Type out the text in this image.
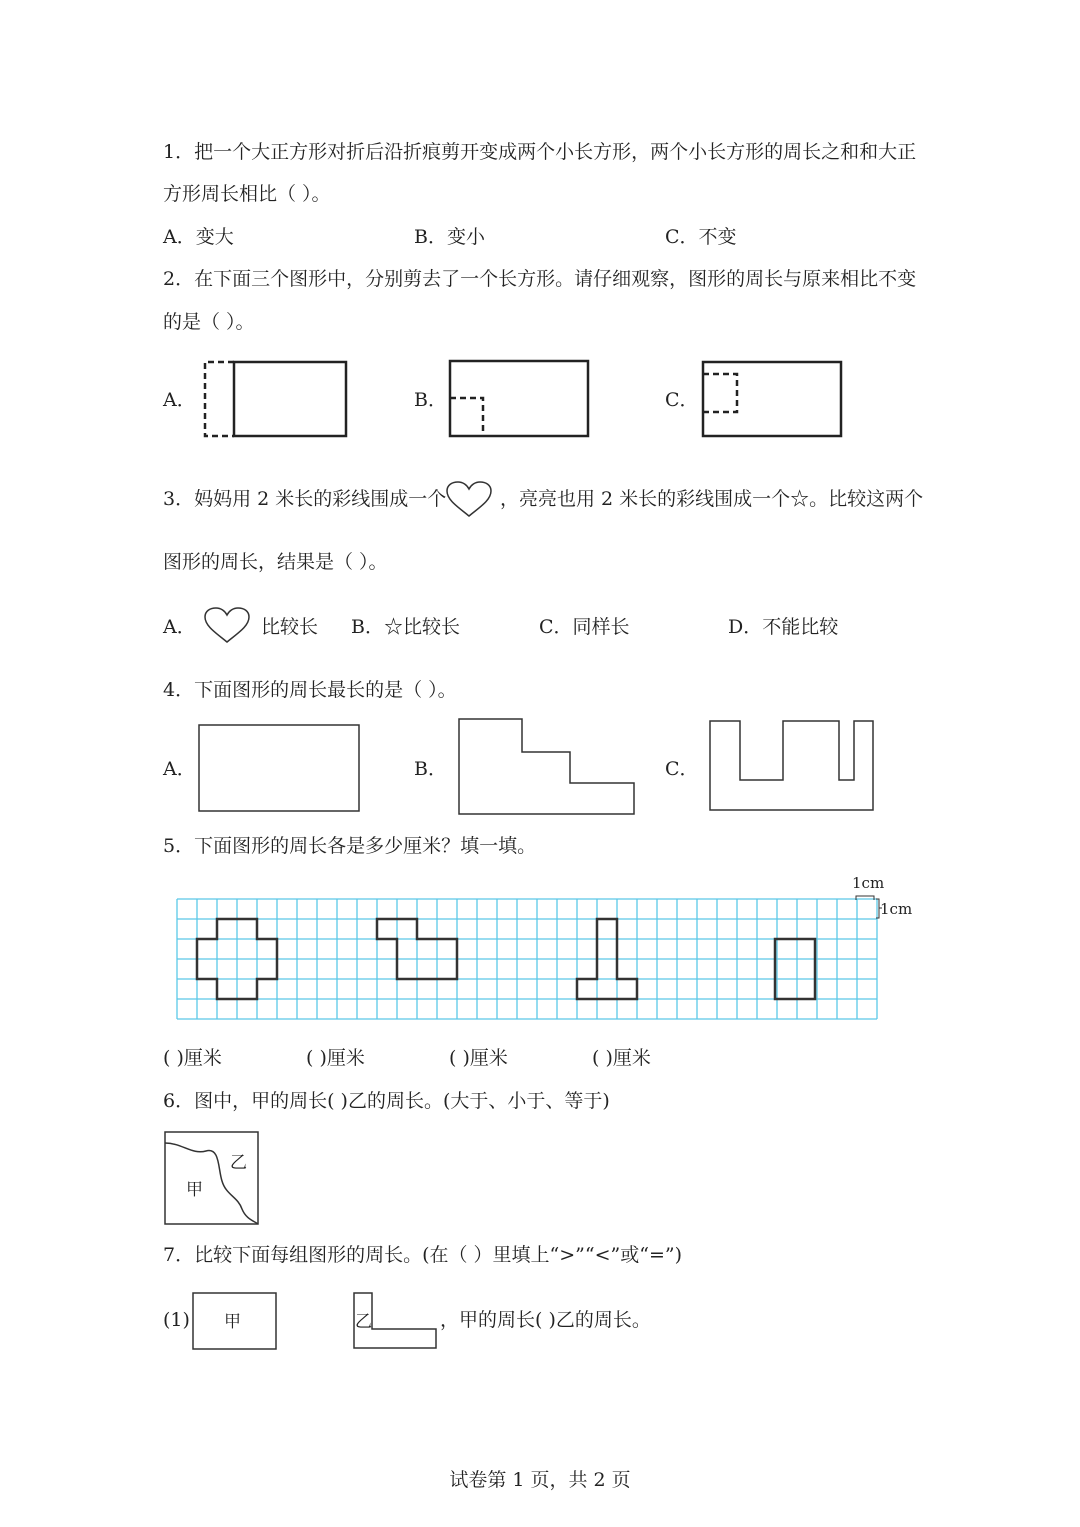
1．把一个大正方形对折后沿折痕剪开变成两个小长方形，两个小长方形的周长之和和大正
方形周长相比（ ）。
A．变大	B．变小	C．不变
2．在下面三个图形中，分别剪去了一个长方形。请仔细观察，图形的周长与原来相比不变
的是（ ）。
A．	B．	C．
3．妈妈用 2 米长的彩线围成一个	，亮亮也用 2 米长的彩线围成一个☆。比较这两个
图形的周长，结果是（ ）。
A．	比较长 B．☆比较长	C．同样长	D．不能比较
4．下面图形的周长最长的是（ ）。
A．	B．	C．
5．下面图形的周长各是多少厘米？填一填。
1cm
1cm
( )厘米	( )厘米	( )厘米	( )厘米
6．图中，甲的周长( )乙的周长。(大于、小于、等于)
甲
乙
7．比较下面每组图形的周长。(在（ ）里填上“>”“<”或“=”)
(1) 甲	乙	，甲的周长( )乙的周长。
试卷第 1 页，共 2 页
